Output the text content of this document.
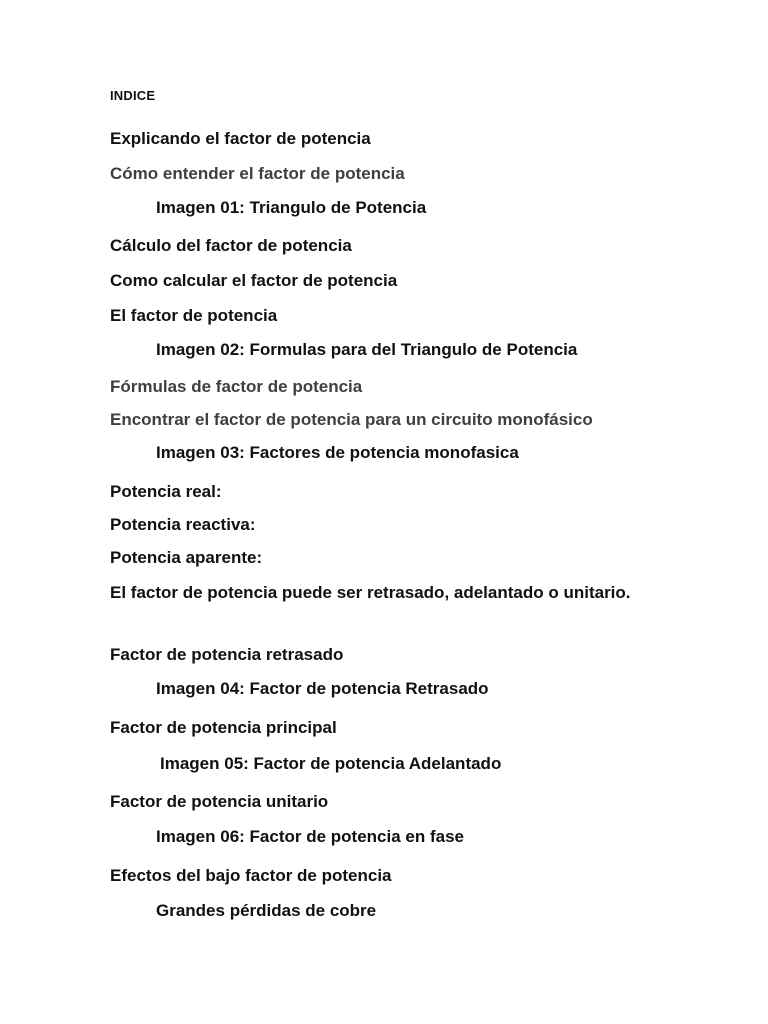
INDICE
Explicando el factor de potencia
Cómo entender el factor de potencia
Imagen 01: Triangulo de Potencia
Cálculo del factor de potencia
Como calcular el factor de potencia
El factor de potencia
Imagen 02: Formulas para del Triangulo de Potencia
Fórmulas de factor de potencia
Encontrar el factor de potencia para un circuito monofásico
Imagen 03: Factores de potencia monofasica
Potencia real:
Potencia reactiva:
Potencia aparente:
El factor de potencia puede ser retrasado, adelantado o unitario.
Factor de potencia retrasado
Imagen 04: Factor de potencia Retrasado
Factor de potencia principal
Imagen 05: Factor de potencia Adelantado
Factor de potencia unitario
Imagen 06: Factor de potencia en fase
Efectos del bajo factor de potencia
Grandes pérdidas de cobre
